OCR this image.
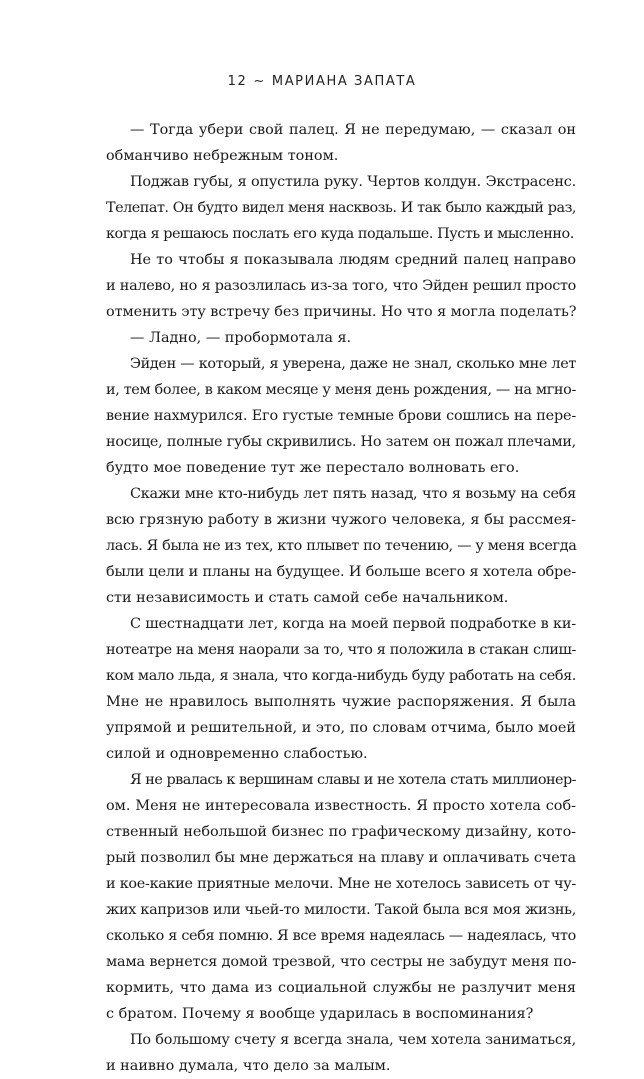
12 ~ МАРИАНА ЗАПАТА
— Тогда убери свой палец. Я не передумаю, — сказал он
обманчиво небрежным тоном.
Поджав губы, я опустила руку. Чертов колдун. Экстрасенс.
Телепат. Он будто видел меня насквозь. И так было каждый раз,
когда я решаюсь послать его куда подальше. Пусть и мысленно.
Не то чтобы я показывала людям средний палец направо
и налево, но я разозлилась из-за того, что Эйден решил просто
отменить эту встречу без причины. Но что я могла поделать?
— Ладно, — пробормотала я.
Эйден — который, я уверена, даже не знал, сколько мне лет
и, тем более, в каком месяце у меня день рождения, — на мгно-
вение нахмурился. Его густые темные брови сошлись на пере-
носице, полные губы скривились. Но затем он пожал плечами,
будто мое поведение тут же перестало волновать его.
Скажи мне кто-нибудь лет пять назад, что я возьму на себя
всю грязную работу в жизни чужого человека, я бы рассмея-
лась. Я была не из тех, кто плывет по течению, — у меня всегда
были цели и планы на будущее. И больше всего я хотела обре-
сти независимость и стать самой себе начальником.
С шестнадцати лет, когда на моей первой подработке в ки-
нотеатре на меня наорали за то, что я положила в стакан слиш-
ком мало льда, я знала, что когда-нибудь буду работать на себя.
Мне не нравилось выполнять чужие распоряжения. Я была
упрямой и решительной, и это, по словам отчима, было моей
силой и одновременно слабостью.
Я не рвалась к вершинам славы и не хотела стать миллионер-
ом. Меня не интересовала известность. Я просто хотела соб-
ственный небольшой бизнес по графическому дизайну, кото-
рый позволил бы мне держаться на плаву и оплачивать счета
и кое-какие приятные мелочи. Мне не хотелось зависеть от чу-
жих капризов или чьей-то милости. Такой была вся моя жизнь,
сколько я себя помню. Я все время надеялась — надеялась, что
мама вернется домой трезвой, что сестры не забудут меня по-
кормить, что дама из социальной службы не разлучит меня
с братом. Почему я вообще ударилась в воспоминания?
По большому счету я всегда знала, чем хотела заниматься,
и наивно думала, что дело за малым.
